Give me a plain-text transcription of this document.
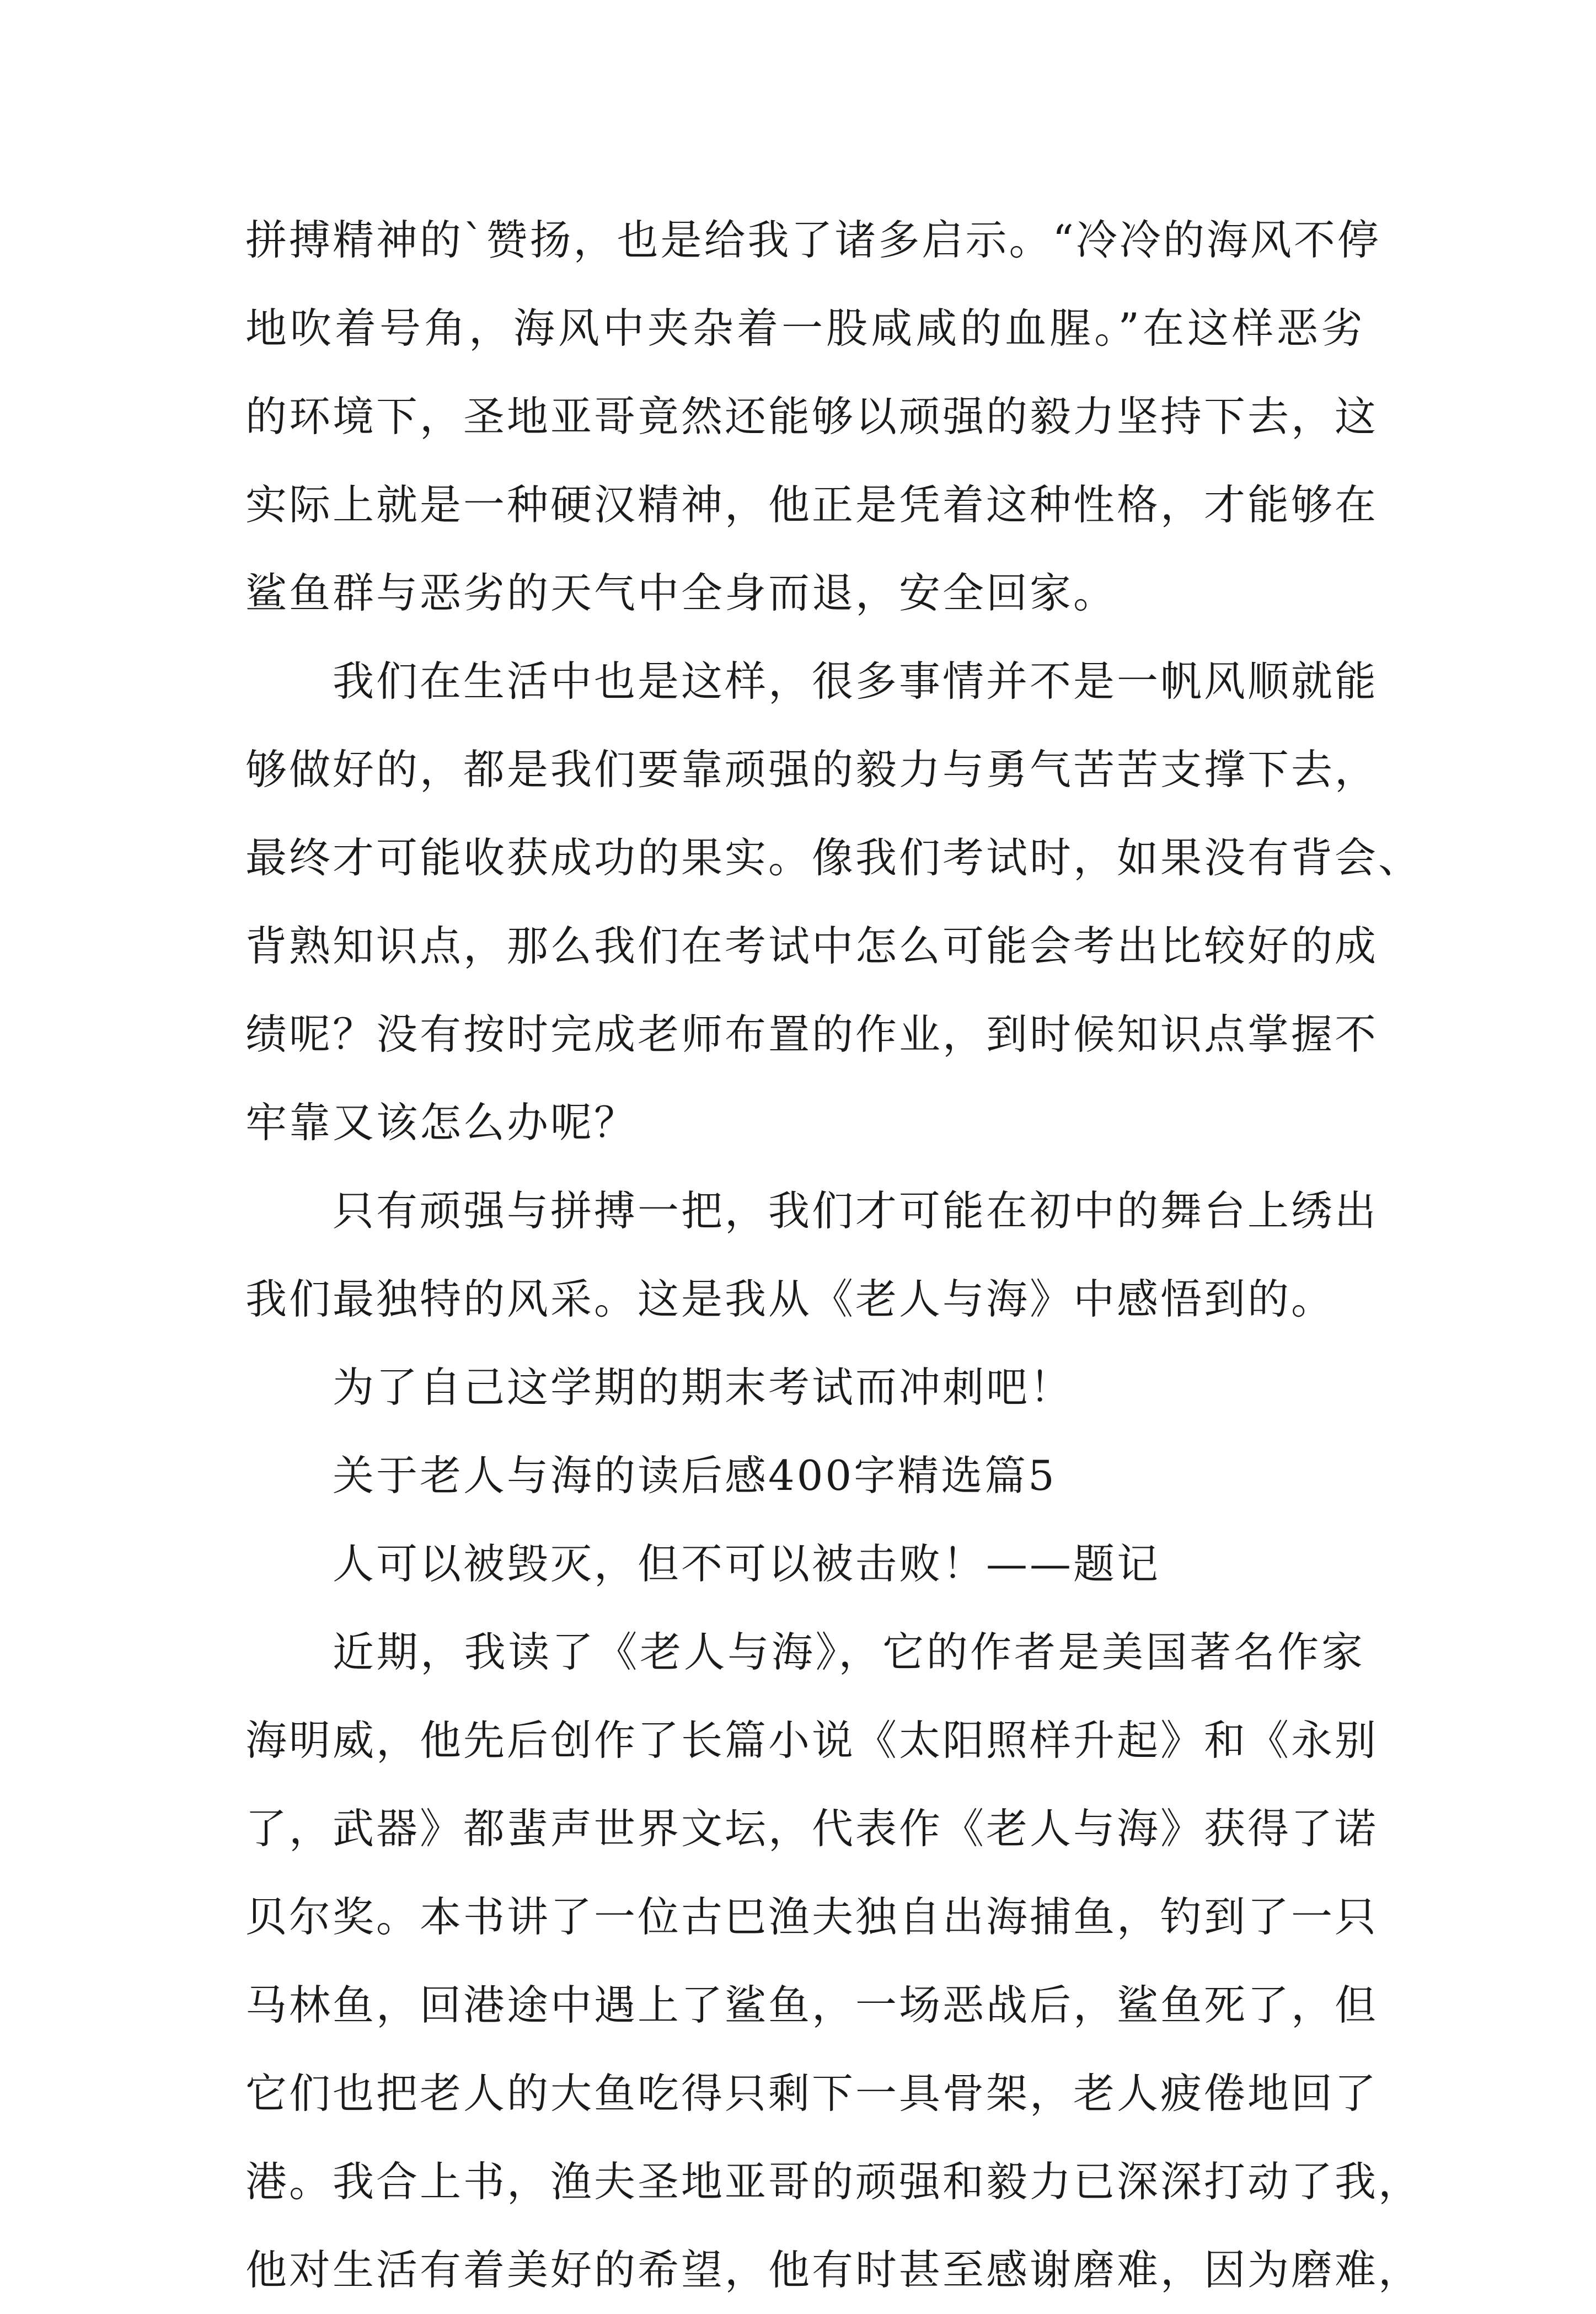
拼搏精神的`赞扬，也是给我了诸多启示。“冷冷的海风不停
地吹着号角，海风中夹杂着一股咸咸的血腥。”在这样恶劣
的环境下，圣地亚哥竟然还能够以顽强的毅力坚持下去，这
实际上就是一种硬汉精神，他正是凭着这种性格，才能够在
鲨鱼群与恶劣的天气中全身而退，安全回家。
我们在生活中也是这样，很多事情并不是一帆风顺就能
够做好的，都是我们要靠顽强的毅力与勇气苦苦支撑下去，
最终才可能收获成功的果实。像我们考试时，如果没有背会、
背熟知识点，那么我们在考试中怎么可能会考出比较好的成
绩呢？没有按时完成老师布置的作业，到时候知识点掌握不
牢靠又该怎么办呢？
只有顽强与拼搏一把，我们才可能在初中的舞台上绣出
我们最独特的风采。这是我从《老人与海》中感悟到的。
为了自己这学期的期末考试而冲刺吧！
关于老人与海的读后感400字精选篇5
人可以被毁灭，但不可以被击败！——题记
近期，我读了《老人与海》，它的作者是美国著名作家
海明威，他先后创作了长篇小说《太阳照样升起》和《永别
了，武器》都蜚声世界文坛，代表作《老人与海》获得了诺
贝尔奖。本书讲了一位古巴渔夫独自出海捕鱼，钓到了一只
马林鱼，回港途中遇上了鲨鱼，一场恶战后，鲨鱼死了，但
它们也把老人的大鱼吃得只剩下一具骨架，老人疲倦地回了
港。我合上书，渔夫圣地亚哥的顽强和毅力已深深打动了我，
他对生活有着美好的希望，他有时甚至感谢磨难，因为磨难，
